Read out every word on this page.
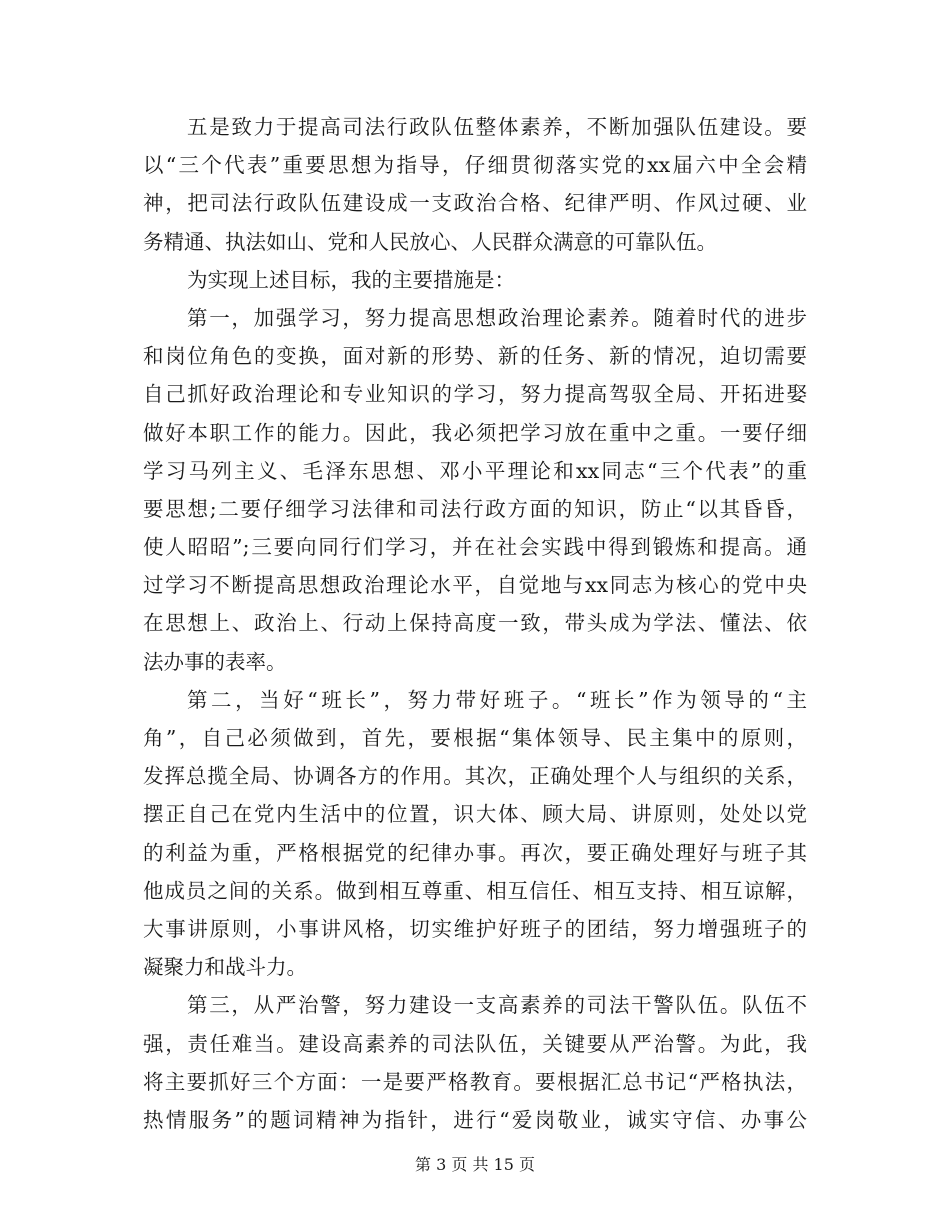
五是致力于提高司法行政队伍整体素养，不断加强队伍建设。要
以“三个代表”重要思想为指导，仔细贯彻落实党的xx届六中全会精
神，把司法行政队伍建设成一支政治合格、纪律严明、作风过硬、业
务精通、执法如山、党和人民放心、人民群众满意的可靠队伍。
为实现上述目标，我的主要措施是：
第一，加强学习，努力提高思想政治理论素养。随着时代的进步
和岗位角色的变换，面对新的形势、新的任务、新的情况，迫切需要
自己抓好政治理论和专业知识的学习，努力提高驾驭全局、开拓进娶
做好本职工作的能力。因此，我必须把学习放在重中之重。一要仔细
学习马列主义、毛泽东思想、邓小平理论和xx同志“三个代表”的重
要思想;二要仔细学习法律和司法行政方面的知识，防止“以其昏昏，
使人昭昭”;三要向同行们学习，并在社会实践中得到锻炼和提高。通
过学习不断提高思想政治理论水平，自觉地与xx同志为核心的党中央
在思想上、政治上、行动上保持高度一致，带头成为学法、懂法、依
法办事的表率。
第二，当好“班长”，努力带好班子。“班长”作为领导的“主
角”，自己必须做到，首先，要根据“集体领导、民主集中的原则，
发挥总揽全局、协调各方的作用。其次，正确处理个人与组织的关系，
摆正自己在党内生活中的位置，识大体、顾大局、讲原则，处处以党
的利益为重，严格根据党的纪律办事。再次，要正确处理好与班子其
他成员之间的关系。做到相互尊重、相互信任、相互支持、相互谅解，
大事讲原则，小事讲风格，切实维护好班子的团结，努力增强班子的
凝聚力和战斗力。
第三，从严治警，努力建设一支高素养的司法干警队伍。队伍不
强，责任难当。建设高素养的司法队伍，关键要从严治警。为此，我
将主要抓好三个方面：一是要严格教育。要根据汇总书记“严格执法，
热情服务”的题词精神为指针，进行“爱岗敬业，诚实守信、办事公
第 3 页 共 15 页
